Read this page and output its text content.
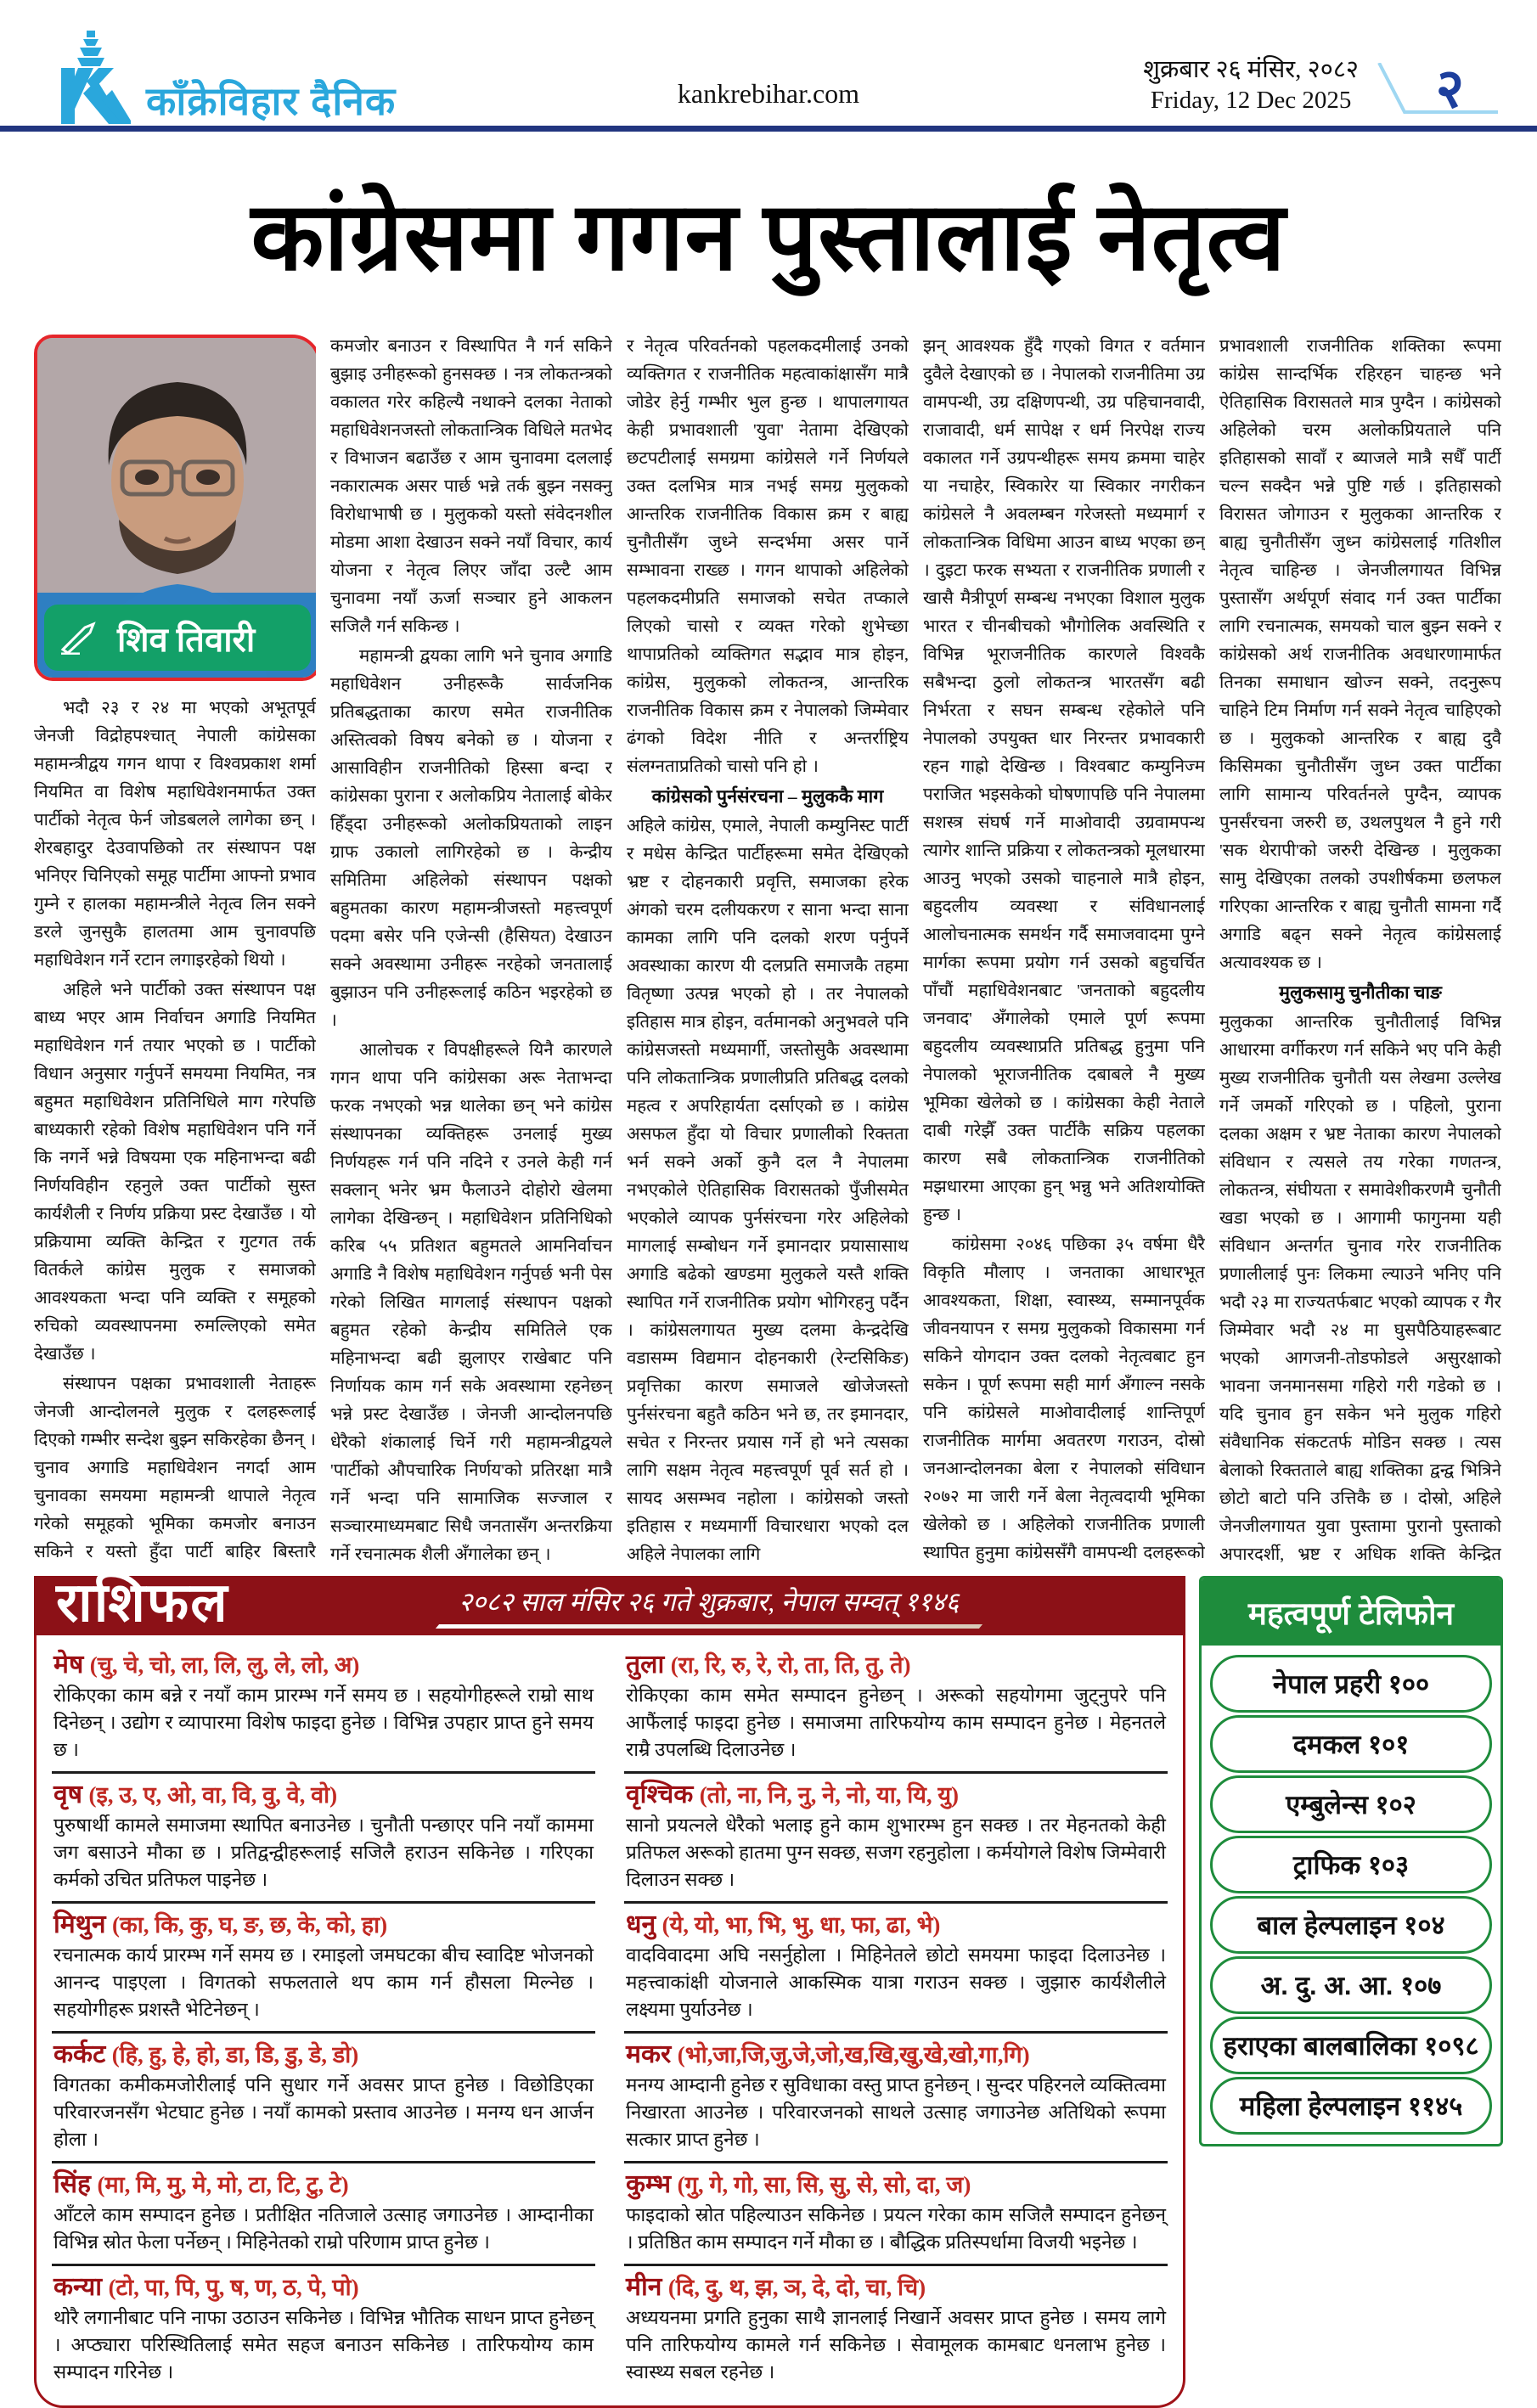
काँक्रेविहार दैनिक	kankrebihar.com
शुक्रबार २६ मंसिर, २०८२
Friday, 12 Dec 2025 २
कांग्रेसमा गगन पुस्तालाई नेतृत्व
शिव तिवारी

भदौ २३ र २४ मा भएको अभूतपूर्व जेनजी विद्रोहपश्चात् नेपाली कांग्रेसका महामन्त्रीद्वय गगन थापा र विश्वप्रकाश शर्मा नियमित वा विशेष महाधिवेशनमार्फत उक्त पार्टीको नेतृत्व फेर्न जोडबलले लागेका छन् । शेरबहादुर देउवापछिको तर संस्थापन पक्ष भनिएर चिनिएको समूह पार्टीमा आफ्नो प्रभाव गुम्ने र हालका महामन्त्रीले नेतृत्व लिन सक्ने डरले जुनसुकै हालतमा आम चुनावपछि महाधिवेशन गर्ने रटान लगाइरहेको थियो ।

अहिले भने पार्टीको उक्त संस्थापन पक्ष बाध्य भएर आम निर्वाचन अगाडि नियमित महाधिवेशन गर्न तयार भएको छ । पार्टीको विधान अनुसार गर्नुपर्ने समयमा नियमित, नत्र बहुमत महाधिवेशन प्रतिनिधिले माग गरेपछि बाध्यकारी रहेको विशेष महाधिवेशन पनि गर्ने कि नगर्ने भन्ने विषयमा एक महिनाभन्दा बढी निर्णयविहीन रहनुले उक्त पार्टीको सुस्त कार्यशैली र निर्णय प्रक्रिया प्रस्ट देखाउँछ । यो प्रक्रियामा व्यक्ति केन्द्रित र गुटगत तर्क वितर्कले कांग्रेस मुलुक र समाजको आवश्यकता भन्दा पनि व्यक्ति र समूहको रुचिको व्यवस्थापनमा रुमल्लिएको समेत देखाउँछ ।

संस्थापन पक्षका प्रभावशाली नेताहरू जेनजी आन्दोलनले मुलुक र दलहरूलाई दिएको गम्भीर सन्देश बुझ्न सकिरहेका छैनन् । चुनाव अगाडि महाधिवेशन नगर्दा आम चुनावका समयमा महामन्त्री थापाले नेतृत्व गरेको समूहको भूमिका कमजोर बनाउन सकिने र यस्तो हुँदा पार्टी बाहिर बिस्तारै

कमजोर बनाउन र विस्थापित नै गर्न सकिने बुझाइ उनीहरूको हुनसक्छ । नत्र लोकतन्त्रको वकालत गरेर कहिल्यै नथाक्ने दलका नेताको महाधिवेशनजस्तो लोकतान्त्रिक विधिले मतभेद र विभाजन बढाउँछ र आम चुनावमा दललाई नकारात्मक असर पार्छ भन्ने तर्क बुझ्न नसक्नु विरोधाभाषी छ । मुलुकको यस्तो संवेदनशील मोडमा आशा देखाउन सक्ने नयाँ विचार, कार्य योजना र नेतृत्व लिएर जाँदा उल्टै आम चुनावमा नयाँ ऊर्जा सञ्चार हुने आकलन सजिलै गर्न सकिन्छ ।

महामन्त्री द्वयका लागि भने चुनाव अगाडि महाधिवेशन उनीहरूकै सार्वजनिक प्रतिबद्धताका कारण समेत राजनीतिक अस्तित्वको विषय बनेको छ । योजना र आसाविहीन राजनीतिको हिस्सा बन्दा र कांग्रेसका पुराना र अलोकप्रिय नेतालाई बोकेर हिँड्दा उनीहरूको अलोकप्रियताको लाइन ग्राफ उकालो लागिरहेको छ । केन्द्रीय समितिमा अहिलेको संस्थापन पक्षको बहुमतका कारण महामन्त्रीजस्तो महत्त्वपूर्ण पदमा बसेर पनि एजेन्सी (हैसियत) देखाउन सक्ने अवस्थामा उनीहरू नरहेको जनतालाई बुझाउन पनि उनीहरूलाई कठिन भइरहेको छ ।

आलोचक र विपक्षीहरूले यिनै कारणले गगन थापा पनि कांग्रेसका अरू नेताभन्दा फरक नभएको भन्न थालेका छन् भने कांग्रेस संस्थापनका व्यक्तिहरू उनलाई मुख्य निर्णयहरू गर्न पनि नदिने र उनले केही गर्न सक्लान् भनेर भ्रम फैलाउने दोहोरो खेलमा लागेका देखिन्छन् । महाधिवेशन प्रतिनिधिको करिब ५५ प्रतिशत बहुमतले आमनिर्वाचन अगाडि नै विशेष महाधिवेशन गर्नुपर्छ भनी पेस गरेको लिखित मागलाई संस्थापन पक्षको बहुमत रहेको केन्द्रीय समितिले एक महिनाभन्दा बढी झुलाएर राखेबाट पनि निर्णायक काम गर्न सके अवस्थामा रहनेछन् भन्ने प्रस्ट देखाउँछ । जेनजी आन्दोलनपछि धेरैको शंकालाई चिर्ने गरी महामन्त्रीद्वयले 'पार्टीको औपचारिक निर्णय'को प्रतिरक्षा मात्रै गर्ने भन्दा पनि सामाजिक सज्जाल र सञ्चारमाध्यमबाट सिधै जनतासँग अन्तरक्रिया गर्ने रचनात्मक शैली अँगालेका छन् ।

र नेतृत्व परिवर्तनको पहलकदमीलाई उनको व्यक्तिगत र राजनीतिक महत्वाकांक्षासँग मात्रै जोडेर हेर्नु गम्भीर भुल हुन्छ । थापालगायत केही प्रभावशाली 'युवा' नेतामा देखिएको छटपटीलाई समग्रमा कांग्रेसले गर्ने निर्णयले उक्त दलभित्र मात्र नभई समग्र मुलुकको आन्तरिक राजनीतिक विकास क्रम र बाह्य चुनौतीसँग जुध्ने सन्दर्भमा असर पार्ने सम्भावना राख्छ । गगन थापाको अहिलेको पहलकदमीप्रति समाजको सचेत तप्काले लिएको चासो र व्यक्त गरेको शुभेच्छा थापाप्रतिको व्यक्तिगत सद्भाव मात्र होइन, कांग्रेस, मुलुकको लोकतन्त्र, आन्तरिक राजनीतिक विकास क्रम र नेपालको जिम्मेवार ढंगको विदेश नीति र अन्तर्राष्ट्रिय संलग्नताप्रतिको चासो पनि हो ।

कांग्रेसको पुर्नसंरचना – मुलुककै माग

अहिले कांग्रेस, एमाले, नेपाली कम्युनिस्ट पार्टी र मधेस केन्द्रित पार्टीहरूमा समेत देखिएको भ्रष्ट र दोहनकारी प्रवृत्ति, समाजका हरेक अंगको चरम दलीयकरण र साना भन्दा साना कामका लागि पनि दलको शरण पर्नुपर्ने अवस्थाका कारण यी दलप्रति समाजकै तहमा वितृष्णा उत्पन्न भएको हो । तर नेपालको इतिहास मात्र होइन, वर्तमानको अनुभवले पनि कांग्रेसजस्तो मध्यमार्गी, जस्तोसुकै अवस्थामा पनि लोकतान्त्रिक प्रणालीप्रति प्रतिबद्ध दलको महत्व र अपरिहार्यता दर्साएको छ । कांग्रेस असफल हुँदा यो विचार प्रणालीको रिक्तता भर्न सक्ने अर्को कुनै दल नै नेपालमा नभएकोले ऐतिहासिक विरासतको पुँजीसमेत भएकोले व्यापक पुर्नसंरचना गरेर अहिलेको मागलाई सम्बोधन गर्ने इमानदार प्रयासासाथ अगाडि बढेको खण्डमा मुलुकले यस्तै शक्ति स्थापित गर्ने राजनीतिक प्रयोग भोगिरहनु पर्दैन । कांग्रेसलगायत मुख्य दलमा केन्द्रदेखि वडासम्म विद्यमान दोहनकारी (रेन्टसिकिङ) प्रवृत्तिका कारण समाजले खोजेजस्तो पुर्नसंरचना बहुतै कठिन भने छ, तर इमानदार, सचेत र निरन्तर प्रयास गर्ने हो भने त्यसका लागि सक्षम नेतृत्व महत्त्वपूर्ण पूर्व सर्त हो । सायद असम्भव नहोला । कांग्रेसको जस्तो इतिहास र मध्यमार्गी विचारधारा भएको दल अहिले नेपालका लागि

झन् आवश्यक हुँदै गएको विगत र वर्तमान दुवैले देखाएको छ । नेपालको राजनीतिमा उग्र वामपन्थी, उग्र दक्षिणपन्थी, उग्र पहिचानवादी, राजावादी, धर्म सापेक्ष र धर्म निरपेक्ष राज्य वकालत गर्ने उग्रपन्थीहरू समय क्रममा चाहेर या नचाहेर, स्विकारेर या स्विकार नगरीकन कांग्रेसले नै अवलम्बन गरेजस्तो मध्यमार्ग र लोकतान्त्रिक विधिमा आउन बाध्य भएका छन् । दुइटा फरक सभ्यता र राजनीतिक प्रणाली र खासै मैत्रीपूर्ण सम्बन्ध नभएका विशाल मुलुक भारत र चीनबीचको भौगोलिक अवस्थिति र विभिन्न भूराजनीतिक कारणले विश्वकै सबैभन्दा ठुलो लोकतन्त्र भारतसँग बढी निर्भरता र सघन सम्बन्ध रहेकोले पनि नेपालको उपयुक्त धार निरन्तर प्रभावकारी रहन गाह्रो देखिन्छ । विश्वबाट कम्युनिज्म पराजित भइसकेको घोषणापछि पनि नेपालमा सशस्त्र संघर्ष गर्ने माओवादी उग्रवामपन्थ त्यागेर शान्ति प्रक्रिया र लोकतन्त्रको मूलधारमा आउनु भएको उसको चाहनाले मात्रै होइन, बहुदलीय व्यवस्था र संविधानलाई आलोचनात्मक समर्थन गर्दै समाजवादमा पुग्ने मार्गका रूपमा प्रयोग गर्न उसको बहुचर्चित पाँचौं महाधिवेशनबाट 'जनताको बहुदलीय जनवाद' अँगालेको एमाले पूर्ण रूपमा बहुदलीय व्यवस्थाप्रति प्रतिबद्ध हुनुमा पनि नेपालको भूराजनीतिक दबाबले नै मुख्य भूमिका खेलेको छ । कांग्रेसका केही नेताले दाबी गरेझैँ उक्त पार्टीकै सक्रिय पहलका कारण सबै लोकतान्त्रिक राजनीतिको मझधारमा आएका हुन् भन्नु भने अतिशयोक्ति हुन्छ ।

कांग्रेसमा २०४६ पछिका ३५ वर्षमा धैरै विकृति मौलाए । जनताका आधारभूत आवश्यकता, शिक्षा, स्वास्थ्य, सम्मानपूर्वक जीवनयापन र समग्र मुलुकको विकासमा गर्न सकिने योगदान उक्त दलको नेतृत्वबाट हुन सकेन । पूर्ण रूपमा सही मार्ग अँगाल्न नसके पनि कांग्रेसले माओवादीलाई शान्तिपूर्ण राजनीतिक मार्गमा अवतरण गराउन, दोस्रो जनआन्दोलनका बेला र नेपालको संविधान २०७२ मा जारी गर्ने बेला नेतृत्वदायी भूमिका खेलेको छ । अहिलेको राजनीतिक प्रणाली स्थापित हुनुमा कांग्रेससँगै वामपन्थी दलहरूको

प्रभावशाली राजनीतिक शक्तिका रूपमा कांग्रेस सान्दर्भिक रहिरहन चाहन्छ भने ऐतिहासिक विरासतले मात्र पुग्दैन । कांग्रेसको अहिलेको चरम अलोकप्रियताले पनि इतिहासको सावाँ र ब्याजले मात्रै सधैँ पार्टी चल्न सक्दैन भन्ने पुष्टि गर्छ । इतिहासको विरासत जोगाउन र मुलुकका आन्तरिक र बाह्य चुनौतीसँग जुध्न कांग्रेसलाई गतिशील नेतृत्व चाहिन्छ । जेनजीलगायत विभिन्न पुस्तासँग अर्थपूर्ण संवाद गर्न उक्त पार्टीका लागि रचनात्मक, समयको चाल बुझ्न सक्ने र कांग्रेसको अर्थ राजनीतिक अवधारणामार्फत तिनका समाधान खोज्न सक्ने, तदनुरूप चाहिने टिम निर्माण गर्न सक्ने नेतृत्व चाहिएको छ । मुलुकको आन्तरिक र बाह्य दुवै किसिमका चुनौतीसँग जुध्न उक्त पार्टीका लागि सामान्य परिवर्तनले पुग्दैन, व्यापक पुनर्संरचना जरुरी छ, उथलपुथल नै हुने गरी 'सक थेरापी'को जरुरी देखिन्छ । मुलुकका सामु देखिएका तलको उपशीर्षकमा छलफल गरिएका आन्तरिक र बाह्य चुनौती सामना गर्दै अगाडि बढ्न सक्ने नेतृत्व कांग्रेसलाई अत्यावश्यक छ ।

मुलुकसामु चुनौतीका चाङ

मुलुकका आन्तरिक चुनौतीलाई विभिन्न आधारमा वर्गीकरण गर्न सकिने भए पनि केही मुख्य राजनीतिक चुनौती यस लेखमा उल्लेख गर्ने जमर्को गरिएको छ । पहिलो, पुराना दलका अक्षम र भ्रष्ट नेताका कारण नेपालको संविधान र त्यसले तय गरेका गणतन्त्र, लोकतन्त्र, संघीयता र समावेशीकरणमै चुनौती खडा भएको छ । आगामी फागुनमा यही संविधान अन्तर्गत चुनाव गरेर राजनीतिक प्रणालीलाई पुनः लिकमा ल्याउने भनिए पनि भदौ २३ मा राज्यतर्फबाट भएको व्यापक र गैर जिम्मेवार भदौ २४ मा घुसपैठियाहरूबाट भएको आगजनी-तोडफोडले असुरक्षाको भावना जनमानसमा गहिरो गरी गडेको छ । यदि चुनाव हुन सकेन भने मुलुक गहिरो संवैधानिक संकटतर्फ मोडिन सक्छ । त्यस बेलाको रिक्तताले बाह्य शक्तिका द्वन्द्व भित्रिने छोटो बाटो पनि उत्तिकै छ । दोस्रो, अहिले जेनजीलगायत युवा पुस्तामा पुरानो पुस्ताको अपारदर्शी, भ्रष्ट र अधिक शक्ति केन्द्रित

राशिफल	२०८२ साल मंसिर २६ गते शुक्रबार, नेपाल सम्वत् ११४६
मेष (चु, चे, चो, ला, लि, लु, ले, लो, अ)
रोकिएका काम बन्ने र नयाँ काम प्रारम्भ गर्ने समय छ । सहयोगीहरूले राम्रो साथ दिनेछन् । उद्योग र व्यापारमा विशेष फाइदा हुनेछ । विभिन्न उपहार प्राप्त हुने समय छ ।
वृष (इ, उ, ए, ओ, वा, वि, वु, वे, वो)
पुरुषार्थी कामले समाजमा स्थापित बनाउनेछ । चुनौती पन्छाएर पनि नयाँ काममा जग बसाउने मौका छ । प्रतिद्वन्द्वीहरूलाई सजिलै हराउन सकिनेछ । गरिएका कर्मको उचित प्रतिफल पाइनेछ ।
मिथुन (का, कि, कु, घ, ङ, छ, के, को, हा)
रचनात्मक कार्य प्रारम्भ गर्ने समय छ । रमाइलो जमघटका बीच स्वादिष्ट भोजनको आनन्द पाइएला । विगतको सफलताले थप काम गर्न हौसला मिल्नेछ । सहयोगीहरू प्रशस्तै भेटिनेछन् ।
कर्कट (हि, हु, हे, हो, डा, डि, डु, डे, डो)
विगतका कमीकमजोरीलाई पनि सुधार गर्ने अवसर प्राप्त हुनेछ । विछोडिएका परिवारजनसँग भेटघाट हुनेछ । नयाँ कामको प्रस्ताव आउनेछ । मनग्य धन आर्जन होला ।
सिंह (मा, मि, मु, मे, मो, टा, टि, टु, टे)
आँटले काम सम्पादन हुनेछ । प्रतीक्षित नतिजाले उत्साह जगाउनेछ । आम्दानीका विभिन्न स्रोत फेला पर्नेछन् । मिहिनेतको राम्रो परिणाम प्राप्त हुनेछ ।
कन्या (टो, पा, पि, पु, ष, ण, ठ, पे, पो)
थोरै लगानीबाट पनि नाफा उठाउन सकिनेछ । विभिन्न भौतिक साधन प्राप्त हुनेछन् । अप्ठ्यारा परिस्थितिलाई समेत सहज बनाउन सकिनेछ । तारिफयोग्य काम सम्पादन गरिनेछ ।
तुला (रा, रि, रु, रे, रो, ता, ति, तु, ते)
रोकिएका काम समेत सम्पादन हुनेछन् । अरूको सहयोगमा जुट्नुपरे पनि आफैंलाई फाइदा हुनेछ । समाजमा तारिफयोग्य काम सम्पादन हुनेछ । मेहनतले राम्रै उपलब्धि दिलाउनेछ ।
वृश्चिक (तो, ना, नि, नु, ने, नो, या, यि, यु)
सानो प्रयत्नले धेरैको भलाइ हुने काम शुभारम्भ हुन सक्छ । तर मेहनतको केही प्रतिफल अरूको हातमा पुग्न सक्छ, सजग रहनुहोला । कर्मयोगले विशेष जिम्मेवारी दिलाउन सक्छ ।
धनु (ये, यो, भा, भि, भु, धा, फा, ढा, भे)
वादविवादमा अघि नसर्नुहोला । मिहिनेतले छोटो समयमा फाइदा दिलाउनेछ । महत्त्वाकांक्षी योजनाले आकस्मिक यात्रा गराउन सक्छ । जुझारु कार्यशैलीले लक्ष्यमा पुर्याउनेछ ।
मकर (भो,जा,जि,जु,जे,जो,ख,खि,खु,खे,खो,गा,गि)
मनग्य आम्दानी हुनेछ र सुविधाका वस्तु प्राप्त हुनेछन् । सुन्दर पहिरनले व्यक्तित्वमा निखारता आउनेछ । परिवारजनको साथले उत्साह जगाउनेछ अतिथिको रूपमा सत्कार प्राप्त हुनेछ ।
कुम्भ (गु, गे, गो, सा, सि, सु, से, सो, दा, ज)
फाइदाको स्रोत पहिल्याउन सकिनेछ । प्रयत्न गरेका काम सजिलै सम्पादन हुनेछन् । प्रतिष्ठित काम सम्पादन गर्ने मौका छ । बौद्धिक प्रतिस्पर्धामा विजयी भइनेछ ।
मीन (दि, दु, थ, झ, ञ, दे, दो, चा, चि)
अध्ययनमा प्रगति हुनुका साथै ज्ञानलाई निखार्ने अवसर प्राप्त हुनेछ । समय लागे पनि तारिफयोग्य कामले गर्न सकिनेछ । सेवामूलक कामबाट धनलाभ हुनेछ । स्वास्थ्य सबल रहनेछ ।
महत्वपूर्ण टेलिफोन
नेपाल प्रहरी १००
दमकल १०१
एम्बुलेन्स १०२
ट्राफिक १०३
बाल हेल्पलाइन १०४
अ. दु. अ. आ. १०७
हराएका बालबालिका १०९८
महिला हेल्पलाइन ११४५
